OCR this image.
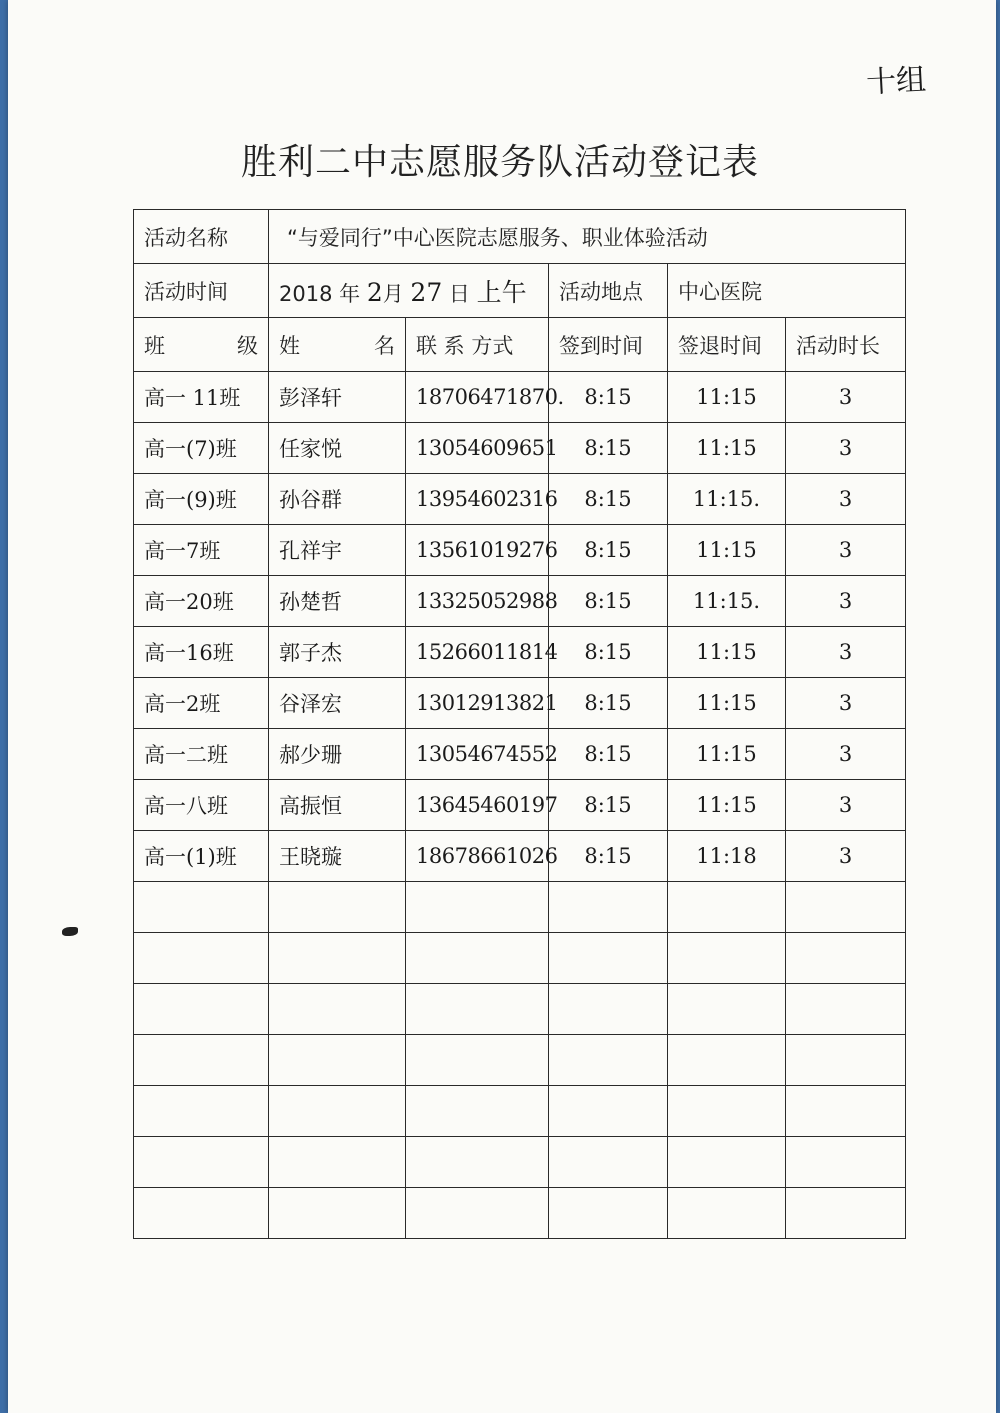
十组
胜利二中志愿服务队活动登记表
活动名称	“与爱同行”中心医院志愿服务、职业体验活动				
活动时间	2018 年 2月 27 日 上午		活动地点	中心医院	

班 级	姓 名	联 系 方式	签到时间	签退时间	活动时长
高一 11班	彭泽轩	18706471870.	8:15	11:15	3
高一(7)班	任家悦	13054609651	8:15	11:15	3
高一(9)班	孙谷群	13954602316	8:15	11:15.	3
高一7班	孔祥宇	13561019276	8:15	11:15	3
高一20班	孙楚哲	13325052988	8:15	11:15.	3
高一16班	郭子杰	15266011814	8:15	11:15	3
高一2班	谷泽宏	13012913821	8:15	11:15	3
高一二班	郝少珊	13054674552	8:15	11:15	3
高一八班	高振恒	13645460197	8:15	11:15	3
高一(1)班	王晓璇	18678661026	8:15	11:18	3
